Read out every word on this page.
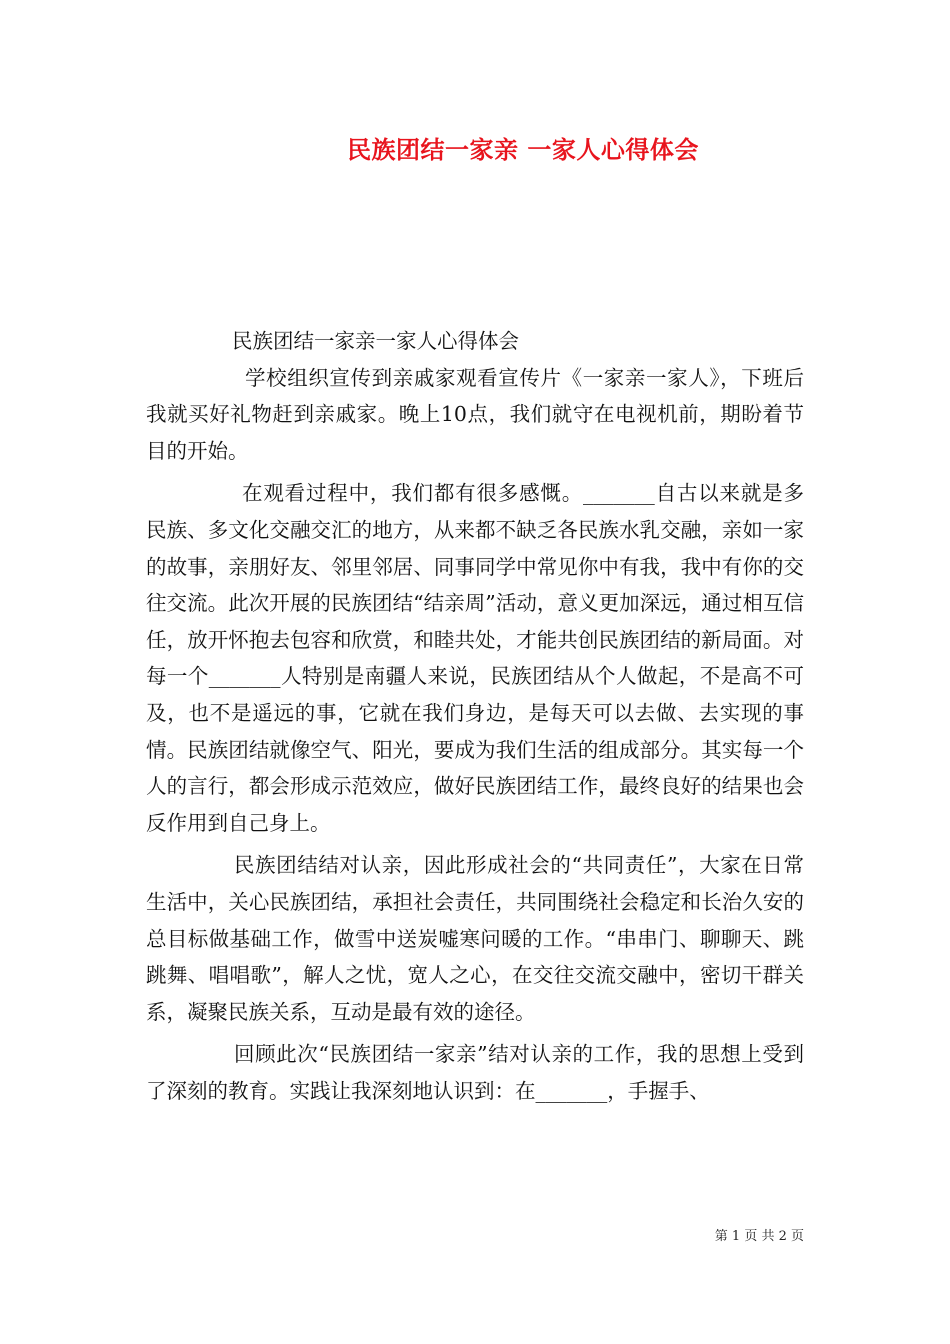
民族团结一家亲 一家人心得体会

民族团结一家亲一家人心得体会

学校组织宣传到亲戚家观看宣传片《一家亲一家人》，下班后我就买好礼物赶到亲戚家。晚上10点，我们就守在电视机前，期盼着节目的开始。

在观看过程中，我们都有很多感慨。_______自古以来就是多民族、多文化交融交汇的地方，从来都不缺乏各民族水乳交融，亲如一家的故事，亲朋好友、邻里邻居、同事同学中常见你中有我，我中有你的交往交流。此次开展的民族团结“结亲周”活动，意义更加深远，通过相互信任，放开怀抱去包容和欣赏，和睦共处，才能共创民族团结的新局面。对每一个_______人特别是南疆人来说，民族团结从个人做起，不是高不可及，也不是遥远的事，它就在我们身边，是每天可以去做、去实现的事情。民族团结就像空气、阳光，要成为我们生活的组成部分。其实每一个人的言行，都会形成示范效应，做好民族团结工作，最终良好的结果也会反作用到自己身上。

民族团结结对认亲，因此形成社会的“共同责任”，大家在日常生活中，关心民族团结，承担社会责任，共同围绕社会稳定和长治久安的总目标做基础工作，做雪中送炭嘘寒问暖的工作。“串串门、聊聊天、跳跳舞、唱唱歌”，解人之忧，宽人之心，在交往交流交融中，密切干群关系，凝聚民族关系，互动是最有效的途径。

回顾此次“民族团结一家亲”结对认亲的工作，我的思想上受到了深刻的教育。实践让我深刻地认识到：在_______，手握手、

第 1 页 共 2 页
